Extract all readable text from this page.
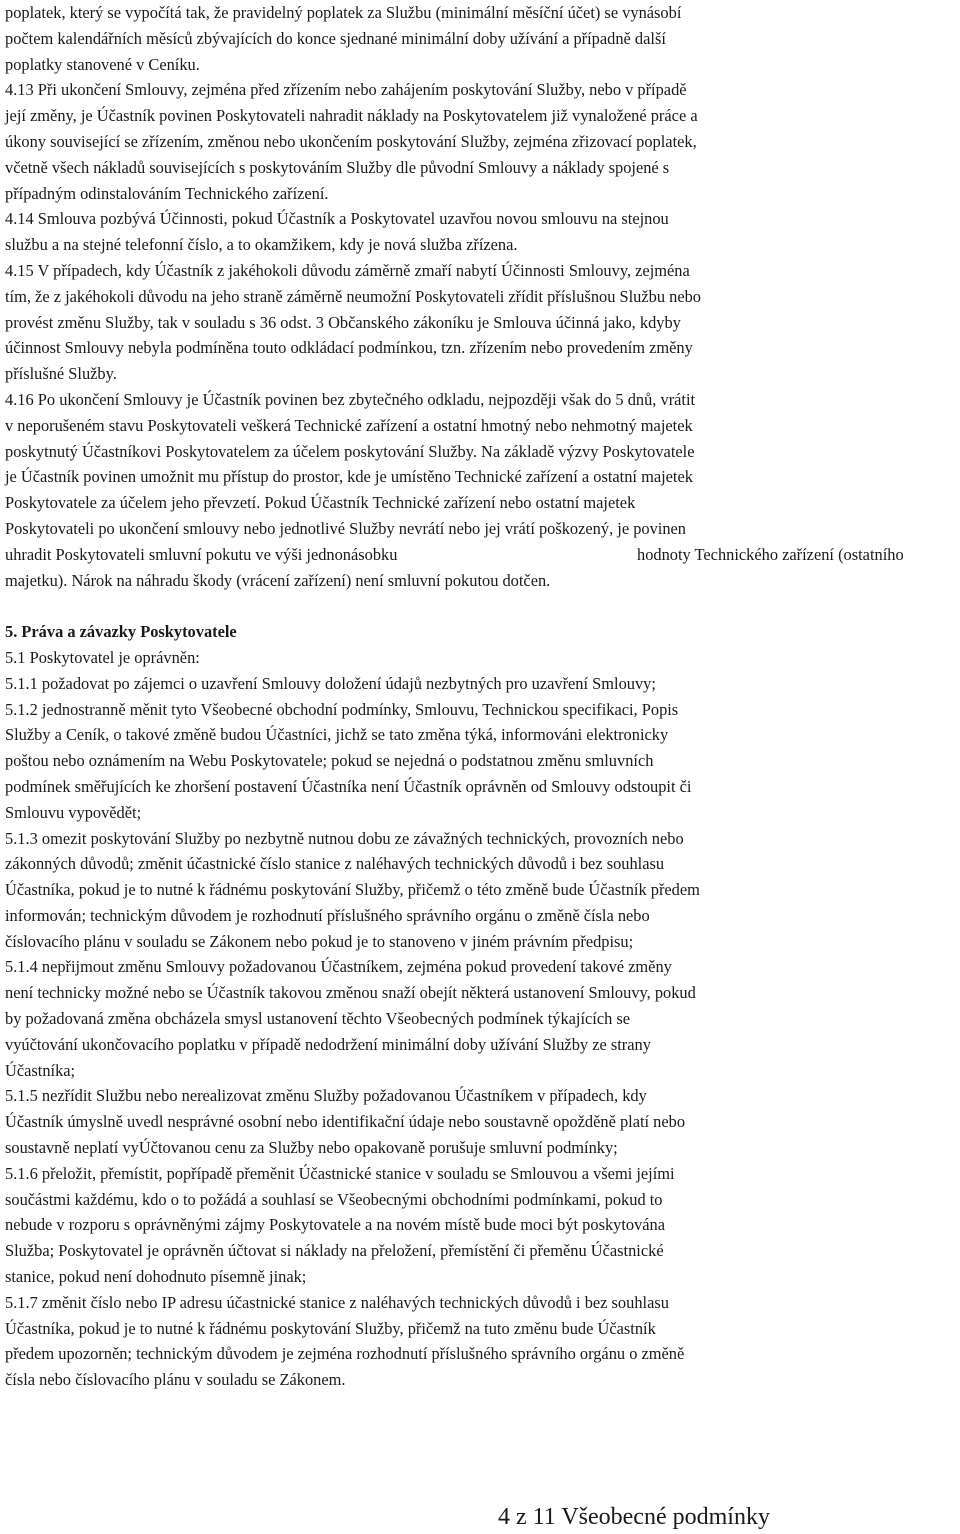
poplatek, který se vypočítá tak, že pravidelný poplatek za Službu (minimální měsíční účet) se vynásobí
počtem kalendářních měsíců zbývajících do konce sjednané minimální doby užívání a případně další
poplatky stanovené v Ceníku.
4.13 Při ukončení Smlouvy, zejména před zřízením nebo zahájením poskytování Služby, nebo v případě
její změny, je Účastník povinen Poskytovateli nahradit náklady na Poskytovatelem již vynaložené práce a
úkony související se zřízením, změnou nebo ukončením poskytování Služby, zejména zřizovací poplatek,
včetně všech nákladů souvisejících s poskytováním Služby dle původní Smlouvy a náklady spojené s
případným odinstalováním Technického zařízení.
4.14 Smlouva pozbývá Účinnosti, pokud Účastník a Poskytovatel uzavřou novou smlouvu na stejnou
službu a na stejné telefonní číslo, a to okamžikem, kdy je nová služba zřízena.
4.15 V případech, kdy Účastník z jakéhokoli důvodu záměrně zmaří nabytí Účinnosti Smlouvy, zejména
tím, že z jakéhokoli důvodu na jeho straně záměrně neumožní Poskytovateli zřídit příslušnou Službu nebo
provést změnu Služby, tak v souladu s 36 odst. 3 Občanského zákoníku je Smlouva účinná jako, kdyby
účinnost Smlouvy nebyla podmíněna touto odkládací podmínkou, tzn. zřízením nebo provedením změny
příslušné Služby.
4.16 Po ukončení Smlouvy je Účastník povinen bez zbytečného odkladu, nejpozději však do 5 dnů, vrátit
v neporušeném stavu Poskytovateli veškerá Technické zařízení a ostatní hmotný nebo nehmotný majetek
poskytnutý Účastníkovi Poskytovatelem za účelem poskytování Služby. Na základě výzvy Poskytovatele
je Účastník povinen umožnit mu přístup do prostor, kde je umístěno Technické zařízení a ostatní majetek
Poskytovatele za účelem jeho převzetí. Pokud Účastník Technické zařízení nebo ostatní majetek
Poskytovateli po ukončení smlouvy nebo jednotlivé Služby nevrátí nebo jej vrátí poškozený, je povinen
uhradit Poskytovateli smluvní pokutu ve výši jednonásobku	hodnoty Technického zařízení (ostatního
majetku). Nárok na náhradu škody (vrácení zařízení) není smluvní pokutou dotčen.
5. Práva a závazky Poskytovatele
5.1 Poskytovatel je oprávněn:
5.1.1 požadovat po zájemci o uzavření Smlouvy doložení údajů nezbytných pro uzavření Smlouvy;
5.1.2 jednostranně měnit tyto Všeobecné obchodní podmínky, Smlouvu, Technickou specifikaci, Popis
Služby a Ceník, o takové změně budou Účastníci, jichž se tato změna týká, informováni elektronicky
poštou nebo oznámením na Webu Poskytovatele; pokud se nejedná o podstatnou změnu smluvních
podmínek směřujících ke zhoršení postavení Účastníka není Účastník oprávněn od Smlouvy odstoupit či
Smlouvu vypovědět;
5.1.3 omezit poskytování Služby po nezbytně nutnou dobu ze závažných technických, provozních nebo
zákonných důvodů; změnit účastnické číslo stanice z naléhavých technických důvodů i bez souhlasu
Účastníka, pokud je to nutné k řádnému poskytování Služby, přičemž o této změně bude Účastník předem
informován; technickým důvodem je rozhodnutí příslušného správního orgánu o změně čísla nebo
číslovacího plánu v souladu se Zákonem nebo pokud je to stanoveno v jiném právním předpisu;
5.1.4 nepřijmout změnu Smlouvy požadovanou Účastníkem, zejména pokud provedení takové změny
není technicky možné nebo se Účastník takovou změnou snaží obejít některá ustanovení Smlouvy, pokud
by požadovaná změna obcházela smysl ustanovení těchto Všeobecných podmínek týkajících se
vyúčtování ukončovacího poplatku v případě nedodržení minimální doby užívání Služby ze strany
Účastníka;
5.1.5 nezřídit Službu nebo nerealizovat změnu Služby požadovanou Účastníkem v případech, kdy
Účastník úmyslně uvedl nesprávné osobní nebo identifikační údaje nebo soustavně opožděně platí nebo
soustavně neplatí vyÚčtovanou cenu za Služby nebo opakovaně porušuje smluvní podmínky;
5.1.6 přeložit, přemístit, popřípadě přeměnit Účastnické stanice v souladu se Smlouvou a všemi jejími
součástmi každému, kdo o to požádá a souhlasí se Všeobecnými obchodními podmínkami, pokud to
nebude v rozporu s oprávněnými zájmy Poskytovatele a na novém místě bude moci být poskytována
Služba; Poskytovatel je oprávněn účtovat si náklady na přeložení, přemístění či přeměnu Účastnické
stanice, pokud není dohodnuto písemně jinak;
5.1.7 změnit číslo nebo IP adresu účastnické stanice z naléhavých technických důvodů i bez souhlasu
Účastníka, pokud je to nutné k řádnému poskytování Služby, přičemž na tuto změnu bude Účastník
předem upozorněn; technickým důvodem je zejména rozhodnutí příslušného správního orgánu o změně
čísla nebo číslovacího plánu v souladu se Zákonem.
4 z 11 Všeobecné podmínky
